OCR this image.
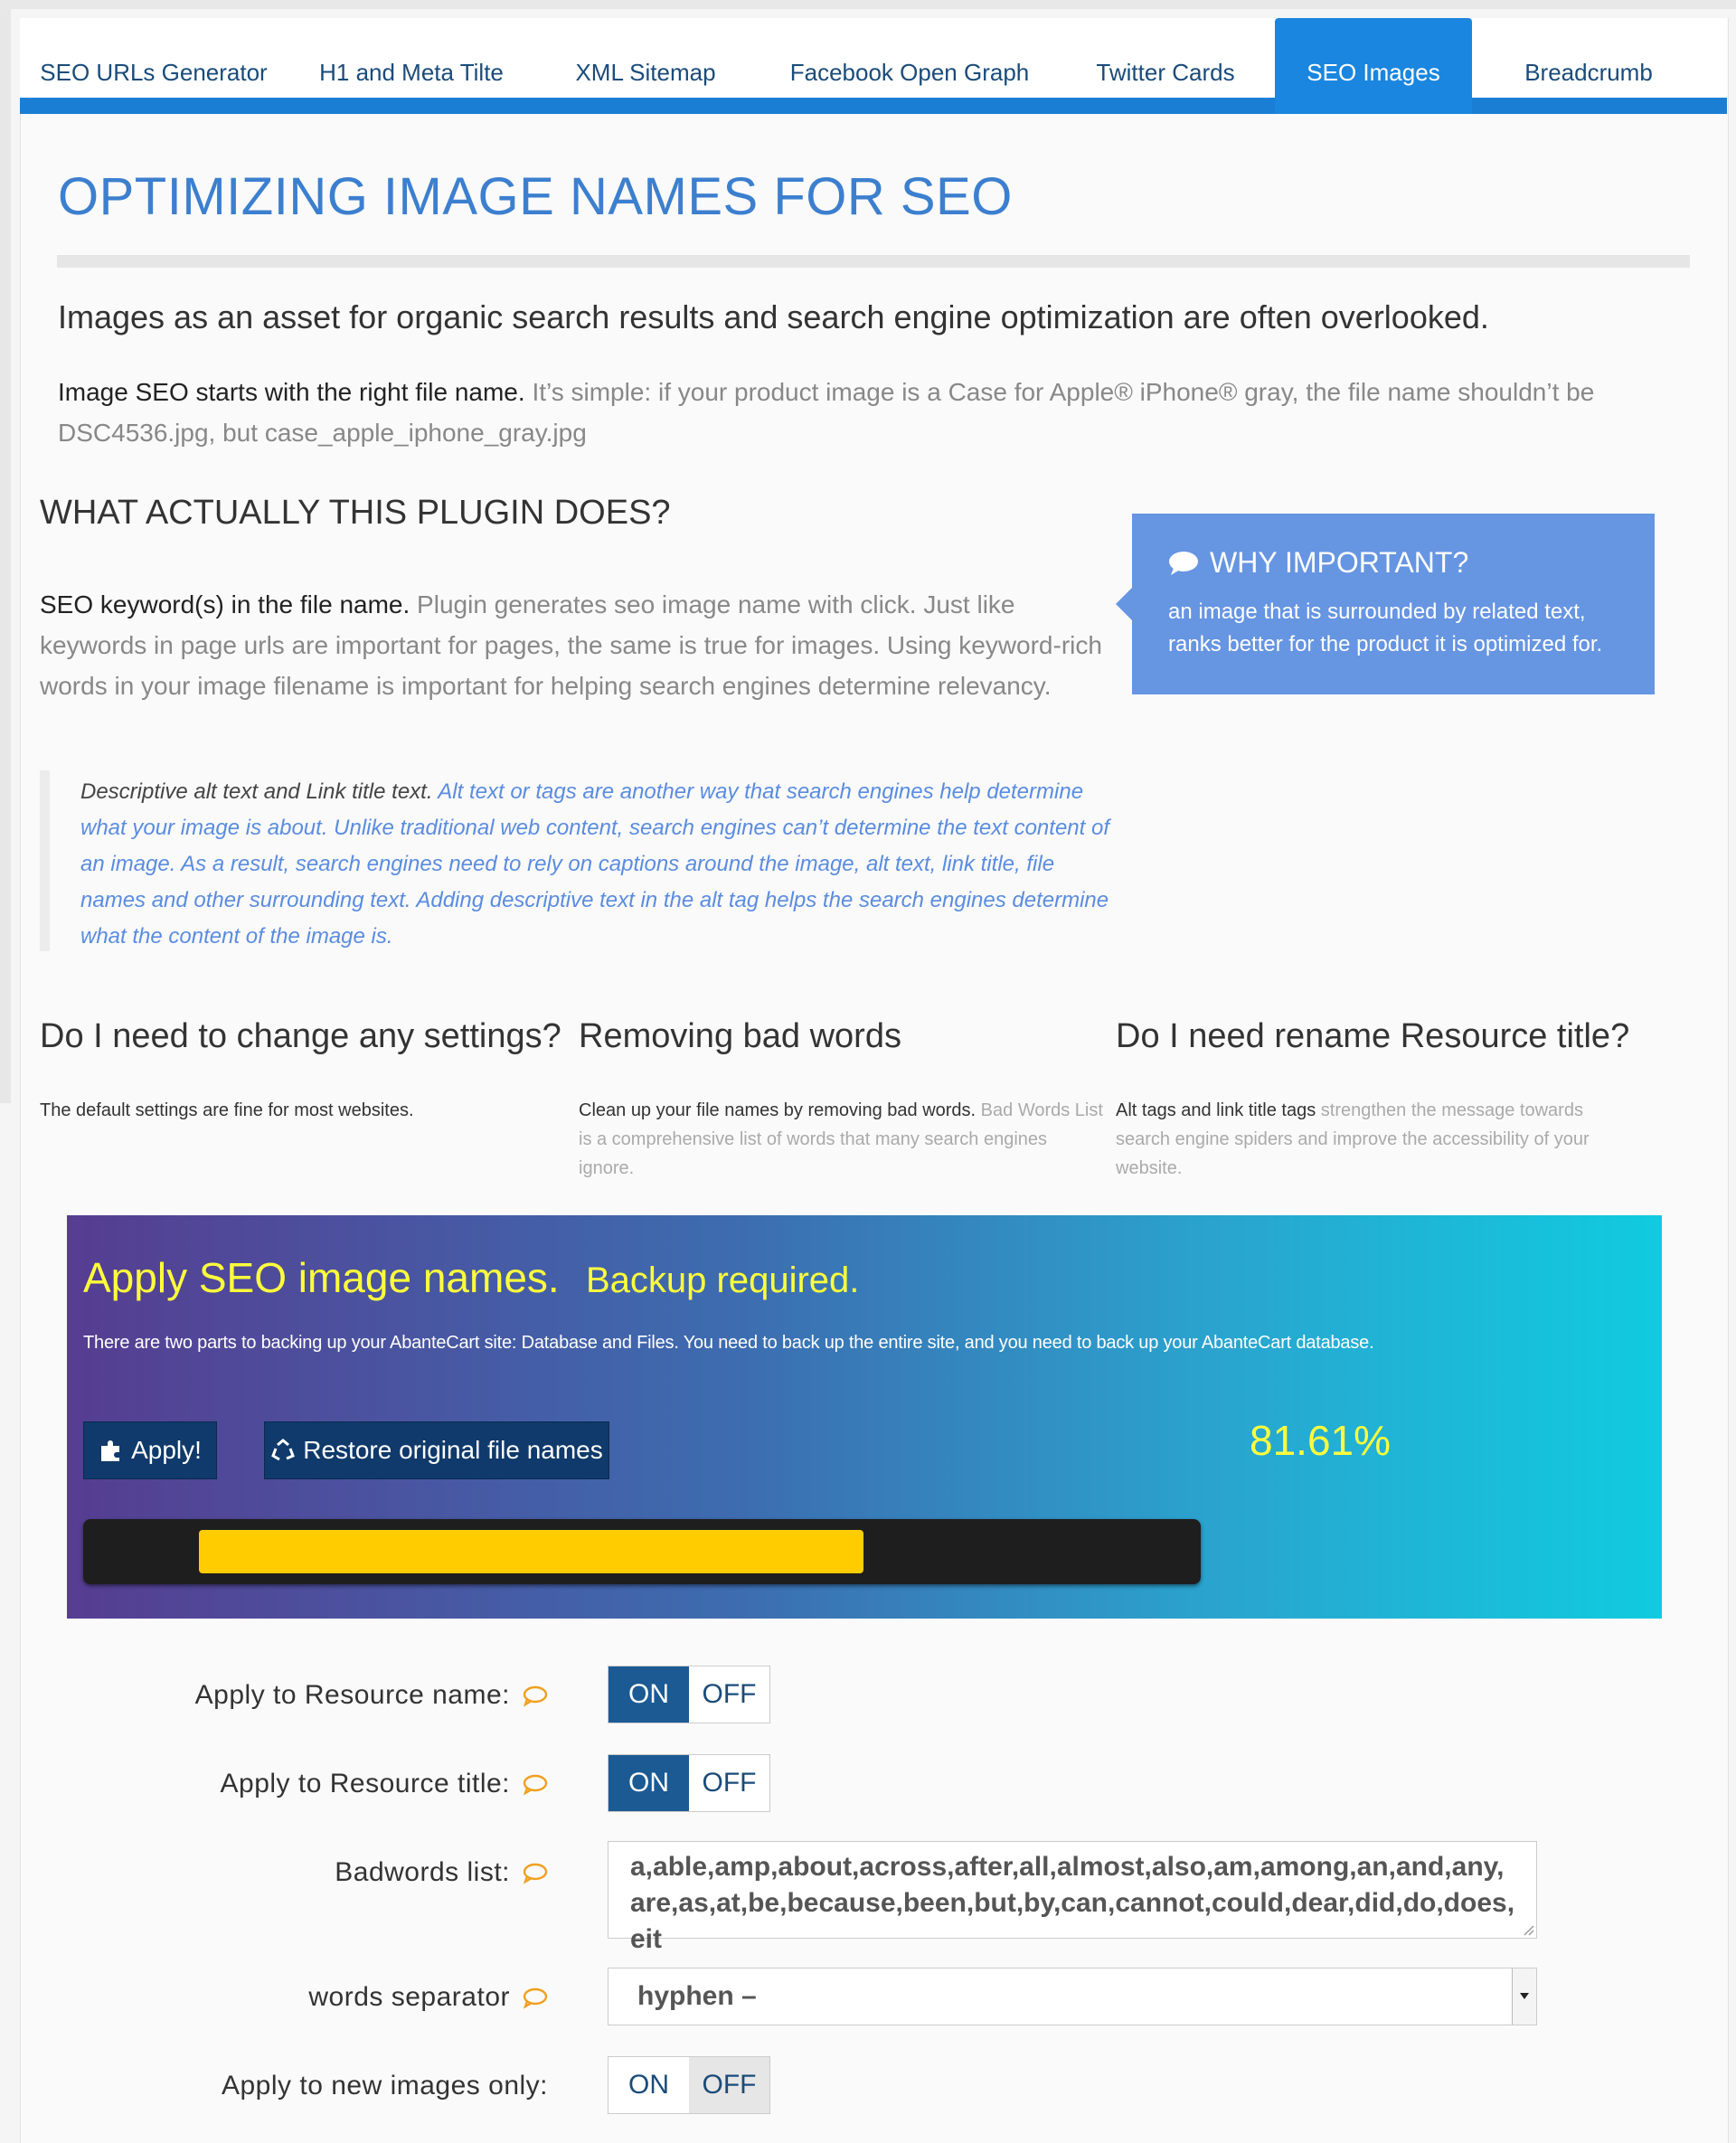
SEO URLs Generator H1 and Meta Tilte	XML Sitemap	Facebook Open Graph	Twitter Cards	SEO Images	Breadcrumb
OPTIMIZING IMAGE NAMES FOR SEO
Images as an asset for organic search results and search engine optimization are often overlooked.
Image SEO starts with the right file name. It’s simple: if your product image is a Case for Apple® iPhone® gray, the file name shouldn’t be DSC4536.jpg, but case_apple_iphone_gray.jpg
WHAT ACTUALLY THIS PLUGIN DOES?
SEO keyword(s) in the file name. Plugin generates seo image name with click. Just like keywords in page urls are important for pages, the same is true for images. Using keyword-rich words in your image filename is important for helping search engines determine relevancy.
WHY IMPORTANT?
an image that is surrounded by related text, ranks better for the product it is optimized for.
Descriptive alt text and Link title text. Alt text or tags are another way that search engines help determine what your image is about. Unlike traditional web content, search engines can’t determine the text content of an image. As a result, search engines need to rely on captions around the image, alt text, link title, file names and other surrounding text. Adding descriptive text in the alt tag helps the search engines determine what the content of the image is.
Do I need to change any settings?
The default settings are fine for most websites.
Removing bad words
Clean up your file names by removing bad words. Bad Words List is a comprehensive list of words that many search engines ignore.
Do I need rename Resource title?
Alt tags and link title tags strengthen the message towards search engine spiders and improve the accessibility of your website.
Apply SEO image names. Backup required.
There are two parts to backing up your AbanteCart site: Database and Files. You need to back up the entire site, and you need to back up your AbanteCart database.
Apply!	Restore original file names	81.61%
Apply to Resource name:	ON	OFF
Apply to Resource title:	ON	OFF
Badwords list:	a,able,amp,about,across,after,all,almost,also,am,among,an,and,any,are,as,at,be,because,been,but,by,can,cannot,could,dear,did,do,does,eit
words separator	hyphen –
Apply to new images only:	ON	OFF
